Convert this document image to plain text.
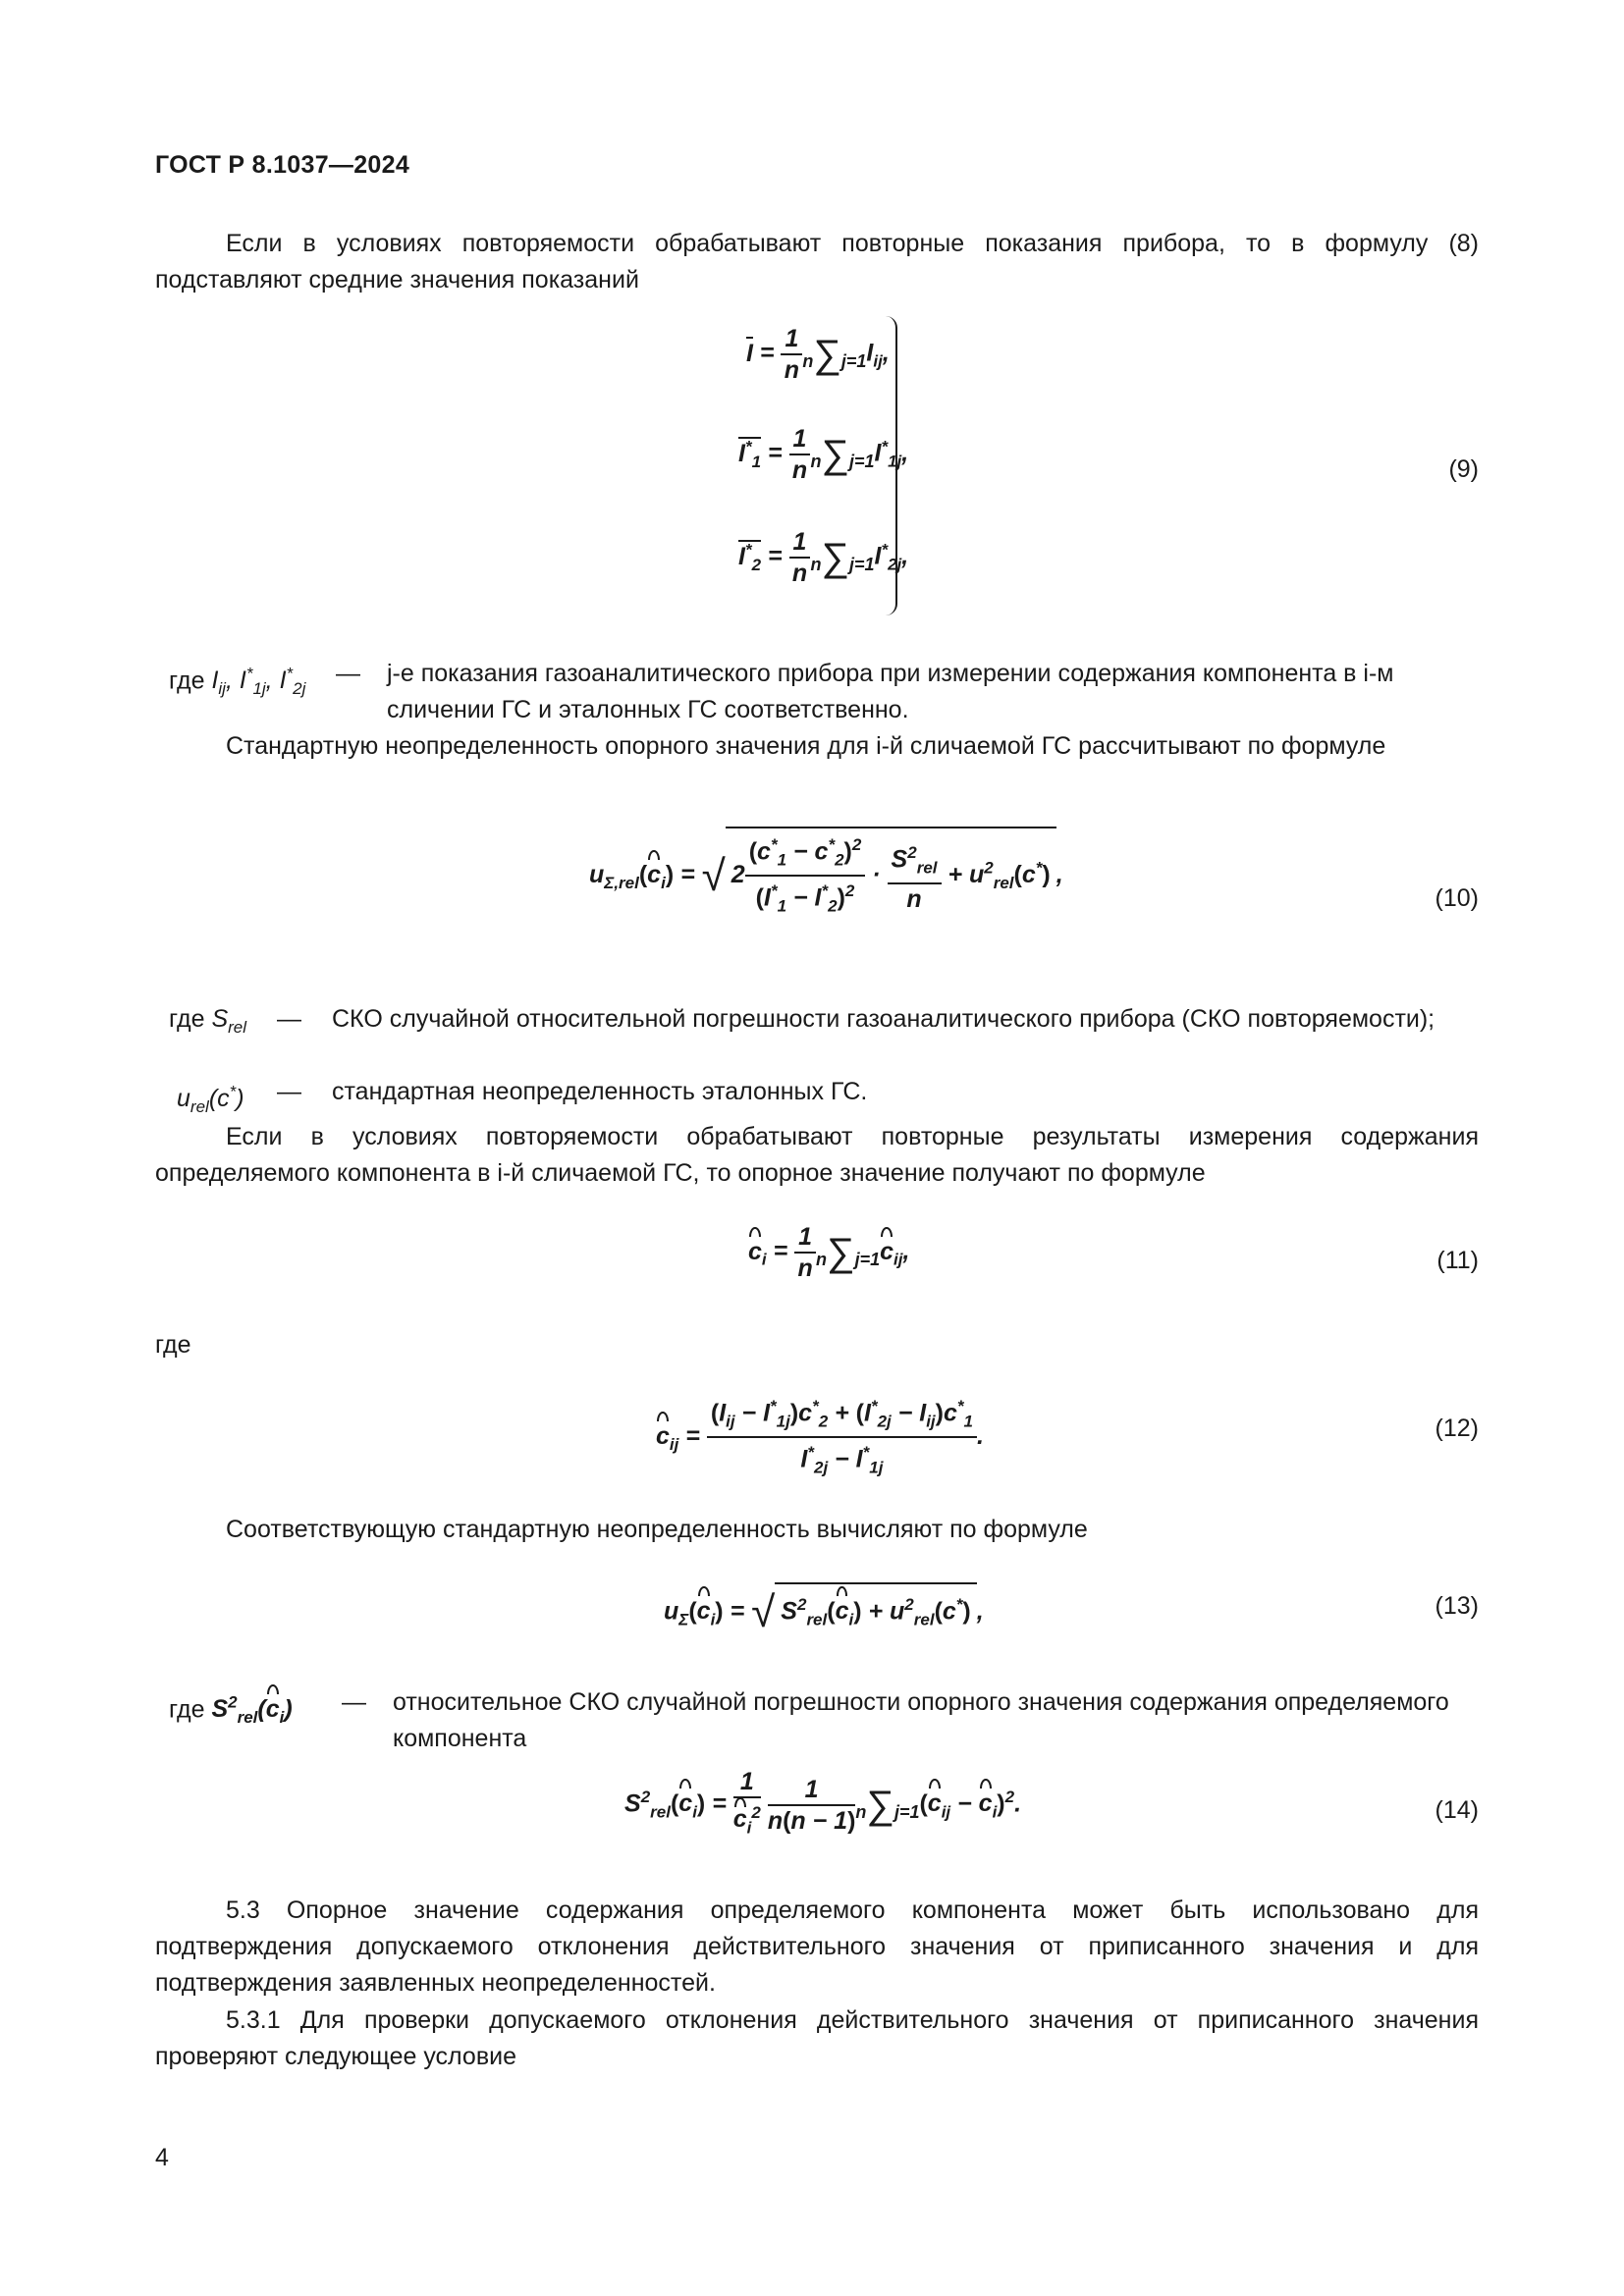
ГОСТ Р 8.1037—2024
Если в условиях повторяемости обрабатывают повторные показания прибора, то в формулу (8) подставляют средние значения показаний
$I = \frac{1}{n} n\sum j=1I_{ij}$,
$I^*_1 = \frac{1}{n} n\sum j=1I^*_{1j}$,
$I^*_2 = \frac{1}{n} n\sum j=1I^*_{2j}$,
(9)
где $I_{ij}$, $I^*_{1j}$, $I^*_{2j}$
— j-е показания газоаналитического прибора при измерении содержания компонента в i-м сличении ГС и эталонных ГС соответственно.
Стандартную неопределенность опорного значения для i-й сличаемой ГС рассчитывают по формуле
$u_{\Sigma,rel}(c_i)$ = √ $2 \frac{(c^*_1 - c^*_2)^2}{(I^*_1 - I^*_2)^2} \cdot \frac{S^2_{rel}}{n} + u^2_{rel}(c^*)$ ,
(10)
где $S_{rel}$ — СКО случайной относительной погрешности газоаналитического прибора (СКО повторяемости);
$u_{rel}(c^*)$ — стандартная неопределенность эталонных ГС.
Если в условиях повторяемости обрабатывают повторные результаты измерения содержания определяемого компонента в i-й сличаемой ГС, то опорное значение получают по формуле
$c_i = \frac{1}{n} n\sum j=1c_{ij}$,	(11)
где
$c_{ij} = \frac{(I_{ij} - I^*_{1j})c^*_2 + (I^*_{2j} - I_{ij})c^*_1}{I^*_{2j} - I^*_{1j}}$ .	(12)
Соответствующую стандартную неопределенность вычисляют по формуле
$u_\Sigma(c_i)$ = √ $S^2_{rel}(c_i) + u^2_{rel}(c^*)$ ,	(13)
где $S^2_{rel}(c_i)$ — относительное СКО случайной погрешности опорного значения содержания определяемого компонента
$S^2_{rel}(c_i) = \frac{1}{c_i^2}$
$\frac{1}{n(n - 1)} n\sum j=1(c_{ij} - c_i)^2$.	(14)
5.3 Опорное значение содержания определяемого компонента может быть использовано для подтверждения допускаемого отклонения действительного значения от приписанного значения и для подтверждения заявленных неопределенностей.
5.3.1 Для проверки допускаемого отклонения действительного значения от приписанного значения проверяют следующее условие
4
